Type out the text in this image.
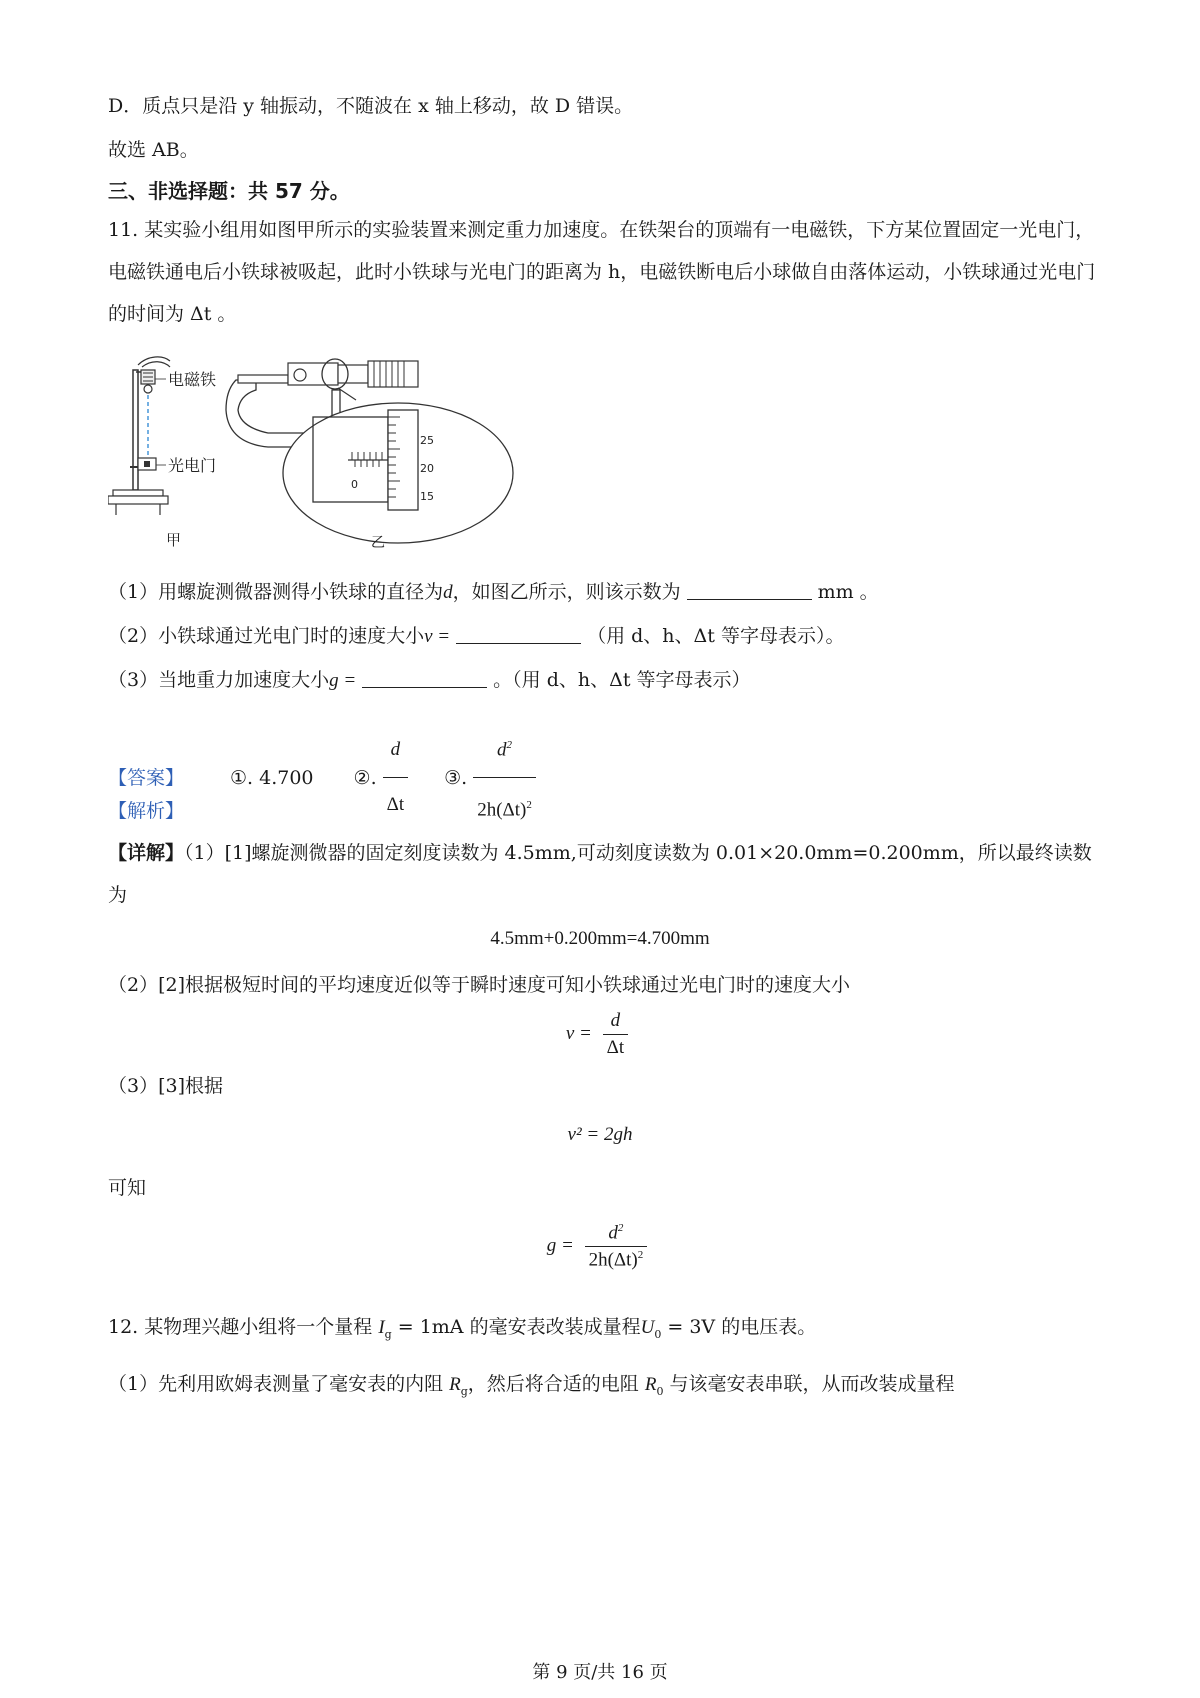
D．质点只是沿 y 轴振动，不随波在 x 轴上移动，故 D 错误。
故选 AB。
三、非选择题：共 57 分。
11. 某实验小组用如图甲所示的实验装置来测定重力加速度。在铁架台的顶端有一电磁铁，下方某位置固定一光电门，电磁铁通电后小铁球被吸起，此时小铁球与光电门的距离为 h，电磁铁断电后小球做自由落体运动，小铁球通过光电门的时间为 Δt 。
电磁铁
光电门
甲
25
20
15
0
乙
（1）用螺旋测微器测得小铁球的直径为d，如图乙所示，则该示数为	mm 。
（2）小铁球通过光电门时的速度大小v =	（用 d、h、Δt 等字母表示）。
（3）当地重力加速度大小g =	。（用 d、h、Δt 等字母表示）
【答案】 ①. 4.700 ②. $\frac{d}{\Delta t}$ ③. $\frac{d^2}{2h(\Delta t)^2}$
【解析】
【详解】（1）[1]螺旋测微器的固定刻度读数为 4.5mm,可动刻度读数为 0.01×20.0mm=0.200mm，所以最终读数为
4.5mm+0.200mm=4.700mm
（2）[2]根据极短时间的平均速度近似等于瞬时速度可知小铁球通过光电门时的速度大小
$v = \frac{d}{\Delta t}$
（3）[3]根据
v² = 2gh
可知
$g = \frac{d^2}{2h(\Delta t)^2}$
12. 某物理兴趣小组将一个量程 $I_g = 1mA$ 的毫安表改装成量程$U_0 = 3V$ 的电压表。
（1）先利用欧姆表测量了毫安表的内阻 $R_g$，然后将合适的电阻 $R_0$ 与该毫安表串联，从而改装成量程
第 9 页/共 16 页
